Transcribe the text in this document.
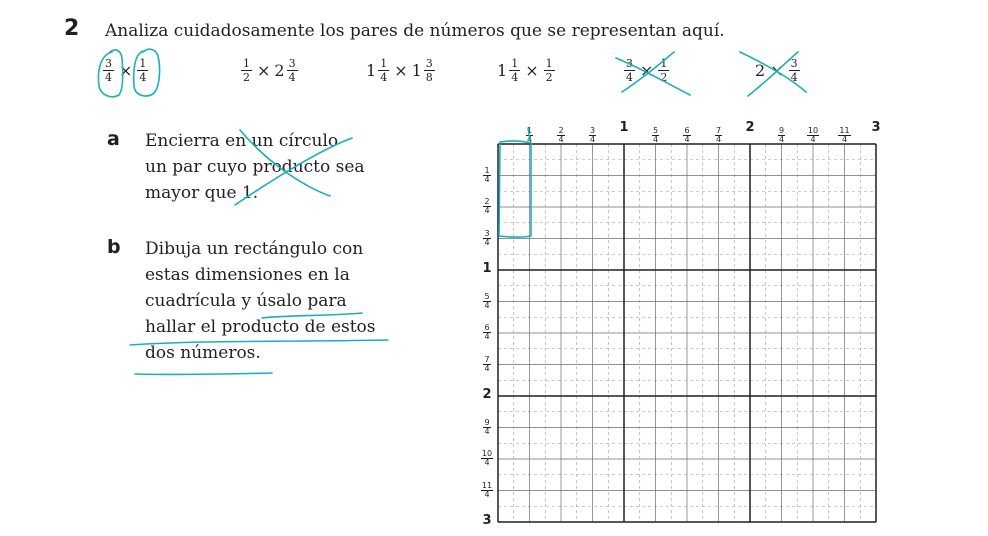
2 Analiza cuidadosamente los pares de números que se representan aquí.
$\frac{3}{4} \times \frac{1}{4}$	$\frac{1}{2} \times 2 \frac{3}{4}$	$1 \frac{1}{4} \times 1 \frac{3}{8}$	$1 \frac{1}{4} \times \frac{1}{2}$	$\frac{3}{4} \times \frac{1}{2}$	$2 \times \frac{3}{4}$
a Encierra en un círculo
un par cuyo producto sea
mayor que 1.
b Dibuja un rectángulo con
estas dimensiones en la
cuadrícula y úsalo para
hallar el producto de estos
dos números.
$\frac{1}{4}$	$\frac{2}{4}$	$\frac{3}{4}$	1	$\frac{5}{4}$	$\frac{6}{4}$	$\frac{7}{4}$	2	$\frac{9}{4}$	$\frac{10}{4} \frac{11}{4}$	3
$\frac{1}{4}$
$\frac{2}{4}$
$\frac{3}{4}$
1
$\frac{5}{4}$
$\frac{6}{4}$
$\frac{7}{4}$
2
$\frac{9}{4}$
$\frac{10}{4}$
$\frac{11}{4}$
3
